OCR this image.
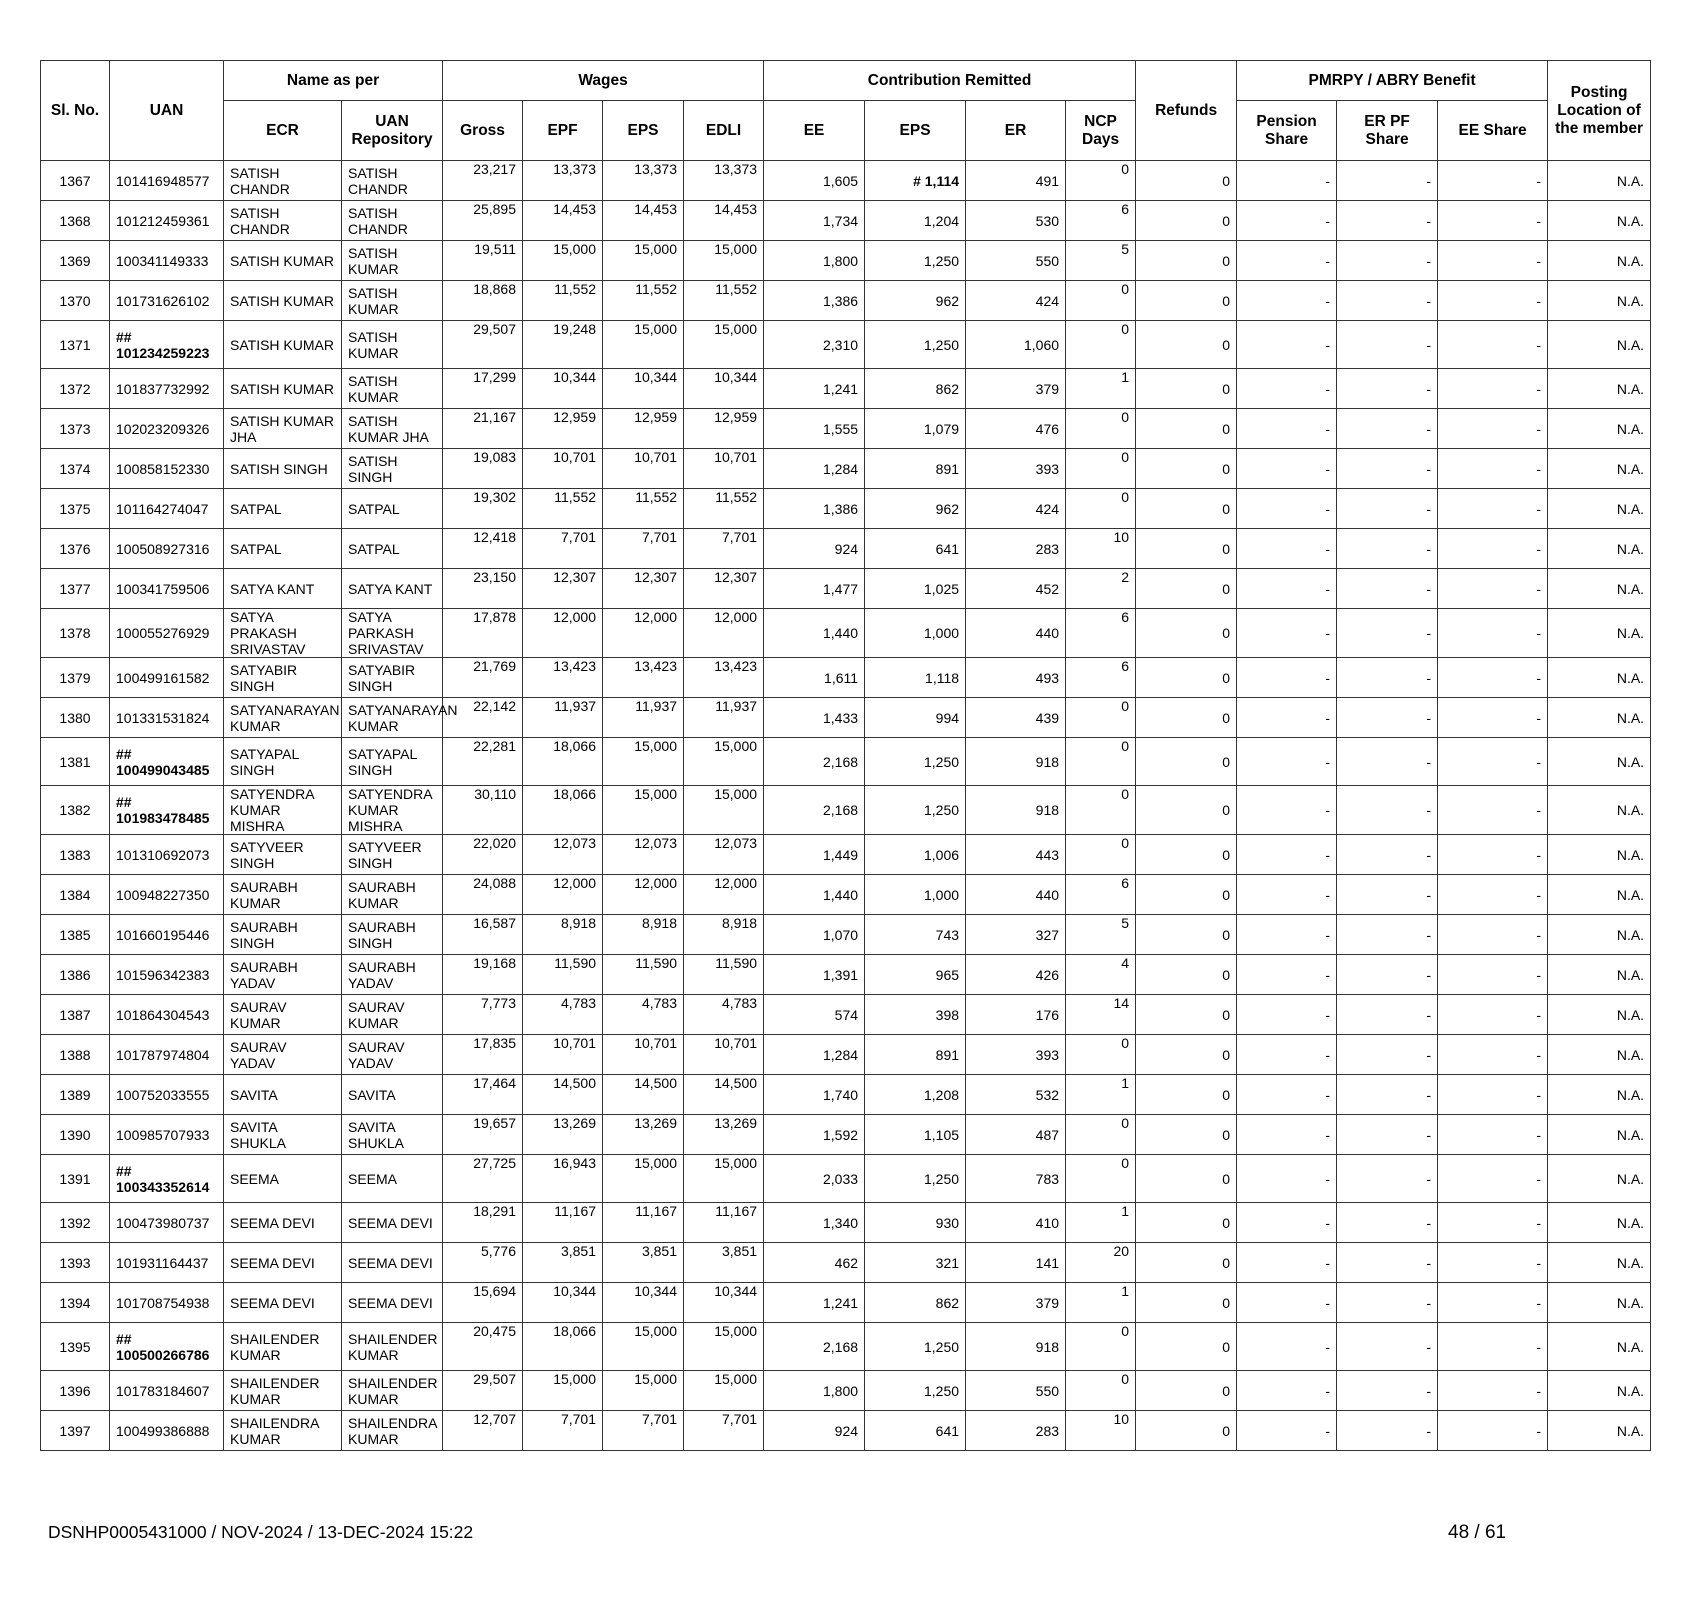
Sl. No.	UAN	Name as per		Wages				Contribution Remitted				Refunds	PMRPY / ABRY Benefit			Posting Location of the member
		ECR	UAN Repository	Gross	EPF	EPS	EDLI	EE	EPS	ER	NCP Days		Pension Share	ER PF Share	EE Share	
1367	101416948577	SATISH CHANDR	SATISH CHANDR	23,217	13,373	13,373	13,373	1,605	# 1,114	491	0	0	-	-	-	N.A.
1368	101212459361	SATISH CHANDR	SATISH CHANDR	25,895	14,453	14,453	14,453	1,734	1,204	530	6	0	-	-	-	N.A.
1369	100341149333	SATISH KUMAR	SATISH KUMAR	19,511	15,000	15,000	15,000	1,800	1,250	550	5	0	-	-	-	N.A.
1370	101731626102	SATISH KUMAR	SATISH KUMAR	18,868	11,552	11,552	11,552	1,386	962	424	0	0	-	-	-	N.A.
1371	## 101234259223	SATISH KUMAR	SATISH KUMAR	29,507	19,248	15,000	15,000	2,310	1,250	1,060	0	0	-	-	-	N.A.
1372	101837732992	SATISH KUMAR	SATISH KUMAR	17,299	10,344	10,344	10,344	1,241	862	379	1	0	-	-	-	N.A.
1373	102023209326	SATISH KUMAR JHA	SATISH KUMAR JHA	21,167	12,959	12,959	12,959	1,555	1,079	476	0	0	-	-	-	N.A.
1374	100858152330	SATISH SINGH	SATISH SINGH	19,083	10,701	10,701	10,701	1,284	891	393	0	0	-	-	-	N.A.
1375	101164274047	SATPAL	SATPAL	19,302	11,552	11,552	11,552	1,386	962	424	0	0	-	-	-	N.A.
1376	100508927316	SATPAL	SATPAL	12,418	7,701	7,701	7,701	924	641	283	10	0	-	-	-	N.A.
1377	100341759506	SATYA KANT	SATYA KANT	23,150	12,307	12,307	12,307	1,477	1,025	452	2	0	-	-	-	N.A.
1378	100055276929	SATYA PRAKASH SRIVASTAV	SATYA PARKASH SRIVASTAV	17,878	12,000	12,000	12,000	1,440	1,000	440	6	0	-	-	-	N.A.
1379	100499161582	SATYABIR SINGH	SATYABIR SINGH	21,769	13,423	13,423	13,423	1,611	1,118	493	6	0	-	-	-	N.A.
1380	101331531824	SATYANARAYAN KUMAR	SATYANARAYAN KUMAR	22,142	11,937	11,937	11,937	1,433	994	439	0	0	-	-	-	N.A.
1381	## 100499043485	SATYAPAL SINGH	SATYAPAL SINGH	22,281	18,066	15,000	15,000	2,168	1,250	918	0	0	-	-	-	N.A.
1382	## 101983478485	SATYENDRA KUMAR MISHRA	SATYENDRA KUMAR MISHRA	30,110	18,066	15,000	15,000	2,168	1,250	918	0	0	-	-	-	N.A.
1383	101310692073	SATYVEER SINGH	SATYVEER SINGH	22,020	12,073	12,073	12,073	1,449	1,006	443	0	0	-	-	-	N.A.
1384	100948227350	SAURABH KUMAR	SAURABH KUMAR	24,088	12,000	12,000	12,000	1,440	1,000	440	6	0	-	-	-	N.A.
1385	101660195446	SAURABH SINGH	SAURABH SINGH	16,587	8,918	8,918	8,918	1,070	743	327	5	0	-	-	-	N.A.
1386	101596342383	SAURABH YADAV	SAURABH YADAV	19,168	11,590	11,590	11,590	1,391	965	426	4	0	-	-	-	N.A.
1387	101864304543	SAURAV KUMAR	SAURAV KUMAR	7,773	4,783	4,783	4,783	574	398	176	14	0	-	-	-	N.A.
1388	101787974804	SAURAV YADAV	SAURAV YADAV	17,835	10,701	10,701	10,701	1,284	891	393	0	0	-	-	-	N.A.
1389	100752033555	SAVITA	SAVITA	17,464	14,500	14,500	14,500	1,740	1,208	532	1	0	-	-	-	N.A.
1390	100985707933	SAVITA SHUKLA	SAVITA SHUKLA	19,657	13,269	13,269	13,269	1,592	1,105	487	0	0	-	-	-	N.A.
1391	## 100343352614	SEEMA	SEEMA	27,725	16,943	15,000	15,000	2,033	1,250	783	0	0	-	-	-	N.A.
1392	100473980737	SEEMA DEVI	SEEMA DEVI	18,291	11,167	11,167	11,167	1,340	930	410	1	0	-	-	-	N.A.
1393	101931164437	SEEMA DEVI	SEEMA DEVI	5,776	3,851	3,851	3,851	462	321	141	20	0	-	-	-	N.A.
1394	101708754938	SEEMA DEVI	SEEMA DEVI	15,694	10,344	10,344	10,344	1,241	862	379	1	0	-	-	-	N.A.
1395	## 100500266786	SHAILENDER KUMAR	SHAILENDER KUMAR	20,475	18,066	15,000	15,000	2,168	1,250	918	0	0	-	-	-	N.A.
1396	101783184607	SHAILENDER KUMAR	SHAILENDER KUMAR	29,507	15,000	15,000	15,000	1,800	1,250	550	0	0	-	-	-	N.A.
1397	100499386888	SHAILENDRA KUMAR	SHAILENDRA KUMAR	12,707	7,701	7,701	7,701	924	641	283	10	0	-	-	-	N.A.
DSNHP0005431000 / NOV-2024 / 13-DEC-2024 15:22	48 / 61
